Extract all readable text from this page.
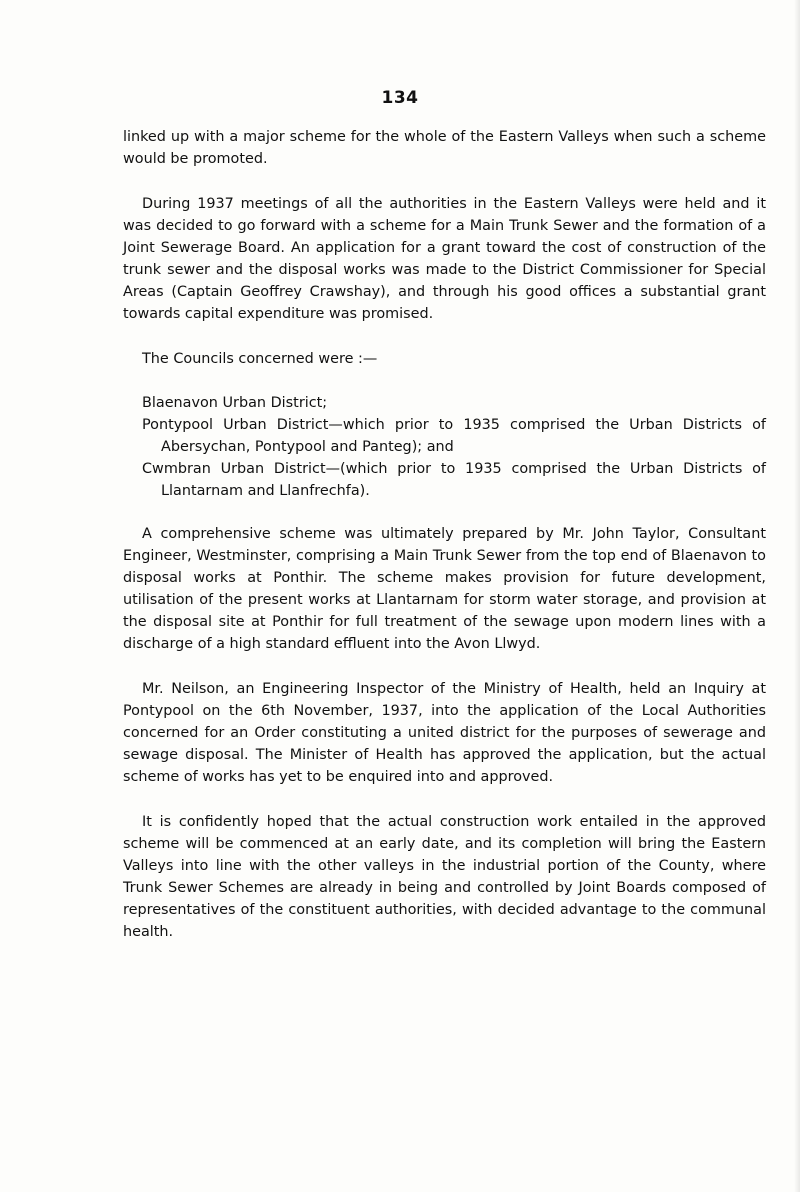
134

linked up with a major scheme for the whole of the Eastern Valleys when such a scheme would be promoted.

During 1937 meetings of all the authorities in the Eastern Valleys were held and it was decided to go forward with a scheme for a Main Trunk Sewer and the formation of a Joint Sewerage Board. An application for a grant toward the cost of construction of the trunk sewer and the disposal works was made to the District Commissioner for Special Areas (Captain Geoffrey Crawshay), and through his good offices a substantial grant towards capital expenditure was promised.

The Councils concerned were :—

Blaenavon Urban District;
Pontypool Urban District—which prior to 1935 comprised the Urban Districts of Abersychan, Pontypool and Panteg); and
Cwmbran Urban District—(which prior to 1935 comprised the Urban Districts of Llantarnam and Llanfrechfa).

A comprehensive scheme was ultimately prepared by Mr. John Taylor, Consultant Engineer, Westminster, comprising a Main Trunk Sewer from the top end of Blaenavon to disposal works at Ponthir. The scheme makes provision for future development, utilisation of the present works at Llantarnam for storm water storage, and provision at the disposal site at Ponthir for full treatment of the sewage upon modern lines with a discharge of a high standard effluent into the Avon Llwyd.

Mr. Neilson, an Engineering Inspector of the Ministry of Health, held an Inquiry at Pontypool on the 6th November, 1937, into the application of the Local Authorities concerned for an Order constituting a united district for the purposes of sewerage and sewage disposal. The Minister of Health has approved the application, but the actual scheme of works has yet to be enquired into and approved.

It is confidently hoped that the actual construction work entailed in the approved scheme will be commenced at an early date, and its completion will bring the Eastern Valleys into line with the other valleys in the industrial portion of the County, where Trunk Sewer Schemes are already in being and controlled by Joint Boards composed of representatives of the constituent authorities, with decided advantage to the communal health.
